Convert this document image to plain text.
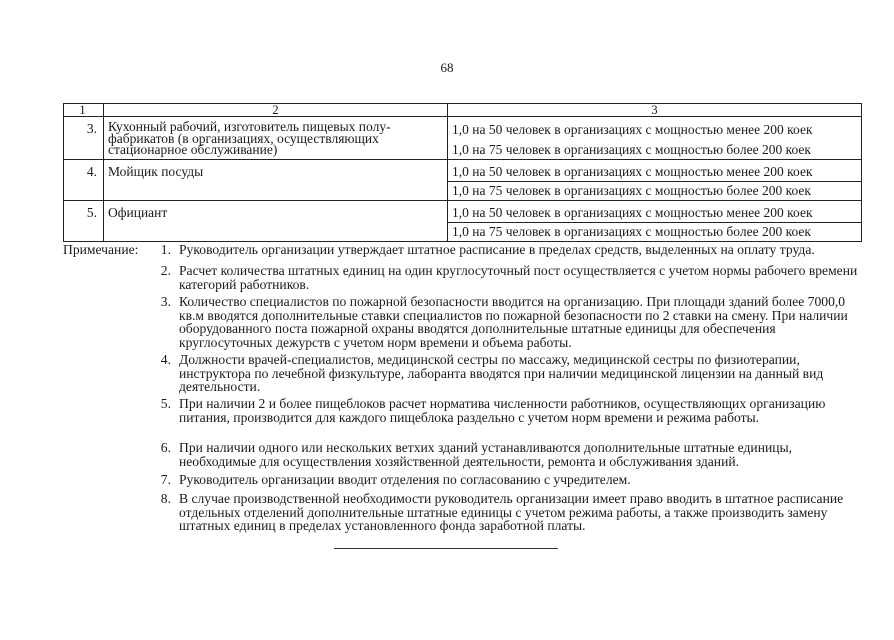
68
1	2	3
3.	Кухонный рабочий, изготовитель пищевых полу-фабрикатов (в организациях, осуществляющих стационарное обслуживание)	1,0 на 50 человек в организациях с мощностью менее 200 коек
1,0 на 75 человек в организациях с мощностью более 200 коек

4.	Мойщик посуды	1,0 на 50 человек в организациях с мощностью менее 200 коек
1,0 на 75 человек в организациях с мощностью более 200 коек

5.	Официант	1,0 на 50 человек в организациях с мощностью менее 200 коек
1,0 на 75 человек в организациях с мощностью более 200 коек
Примечание:	1. Руководитель организации утверждает штатное расписание в пределах средств, выделенных на оплату труда.
2. Расчет количества штатных единиц на один круглосуточный пост осуществляется с учетом нормы рабочего времени категорий работников.
3. Количество специалистов по пожарной безопасности вводится на организацию. При площади зданий более 7000,0 кв.м вводятся дополнительные ставки специалистов по пожарной безопасности по 2 ставки на смену. При наличии оборудованного поста пожарной охраны вводятся дополнительные штатные единицы для обеспечения круглосуточных дежурств с учетом норм времени и объема работы.
4. Должности врачей-специалистов, медицинской сестры по массажу, медицинской сестры по физиотерапии, инструктора по лечебной физкультуре, лаборанта вводятся при наличии медицинской лицензии на данный вид деятельности.
5. При наличии 2 и более пищеблоков расчет норматива численности работников, осуществляющих организацию питания, производится для каждого пищеблока раздельно с учетом норм времени и режима работы.
6. При наличии одного или нескольких ветхих зданий устанавливаются дополнительные штатные единицы, необходимые для осуществления хозяйственной деятельности, ремонта и обслуживания зданий.
7. Руководитель организации вводит отделения по согласованию с учредителем.
8. В случае производственной необходимости руководитель организации имеет право вводить в штатное расписание отдельных отделений дополнительные штатные единицы с учетом режима работы, а также производить замену штатных единиц в пределах установленного фонда заработной платы.
